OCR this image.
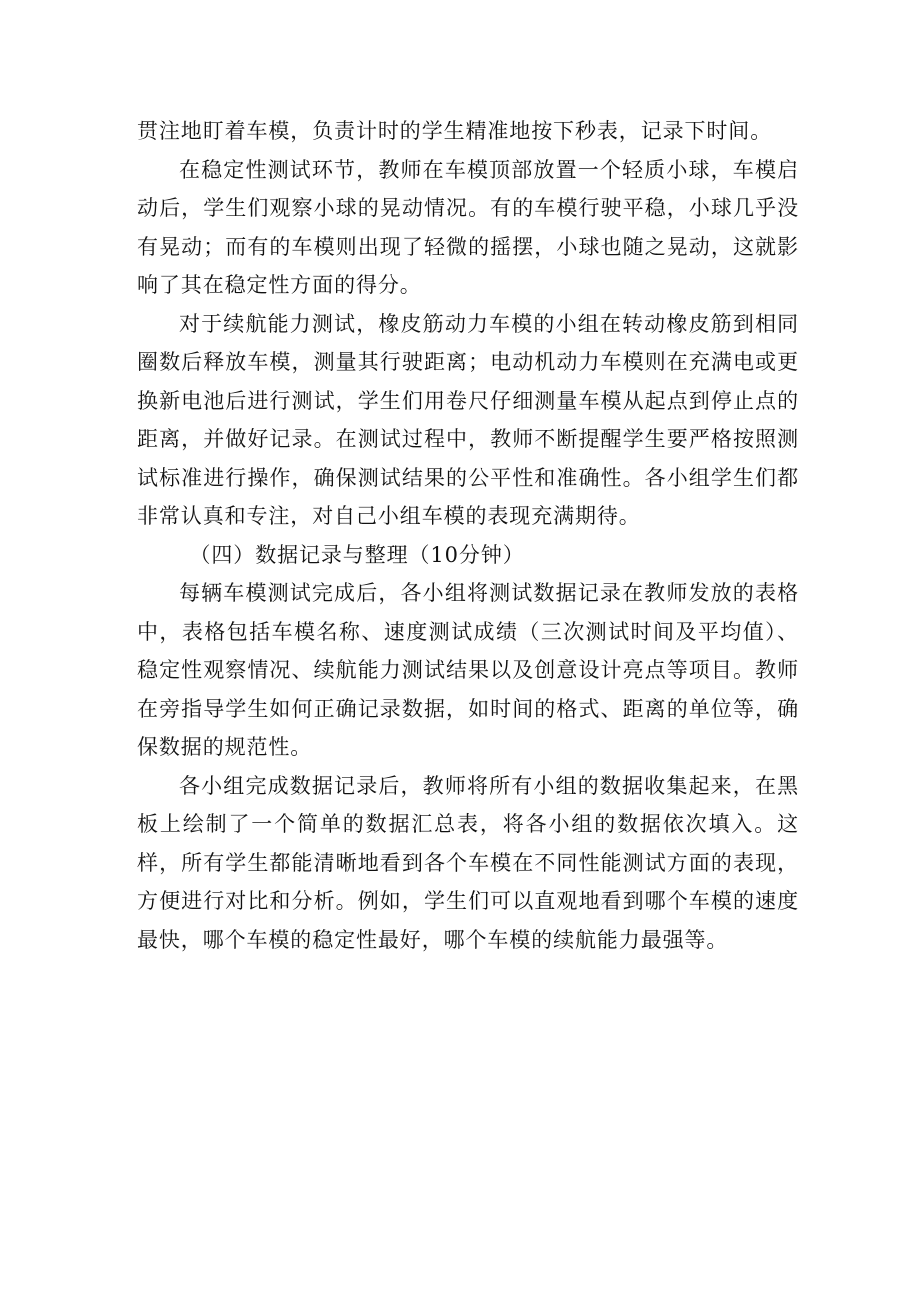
贯注地盯着车模，负责计时的学生精准地按下秒表，记录下时间。

在稳定性测试环节，教师在车模顶部放置一个轻质小球，车模启动后，学生们观察小球的晃动情况。有的车模行驶平稳，小球几乎没有晃动；而有的车模则出现了轻微的摇摆，小球也随之晃动，这就影响了其在稳定性方面的得分。

对于续航能力测试，橡皮筋动力车模的小组在转动橡皮筋到相同圈数后释放车模，测量其行驶距离；电动机动力车模则在充满电或更换新电池后进行测试，学生们用卷尺仔细测量车模从起点到停止点的距离，并做好记录。在测试过程中，教师不断提醒学生要严格按照测试标准进行操作，确保测试结果的公平性和准确性。各小组学生们都非常认真和专注，对自己小组车模的表现充满期待。

（四）数据记录与整理（10分钟）

每辆车模测试完成后，各小组将测试数据记录在教师发放的表格中，表格包括车模名称、速度测试成绩（三次测试时间及平均值）、稳定性观察情况、续航能力测试结果以及创意设计亮点等项目。教师在旁指导学生如何正确记录数据，如时间的格式、距离的单位等，确保数据的规范性。

各小组完成数据记录后，教师将所有小组的数据收集起来，在黑板上绘制了一个简单的数据汇总表，将各小组的数据依次填入。这样，所有学生都能清晰地看到各个车模在不同性能测试方面的表现，方便进行对比和分析。例如，学生们可以直观地看到哪个车模的速度最快，哪个车模的稳定性最好，哪个车模的续航能力最强等。
